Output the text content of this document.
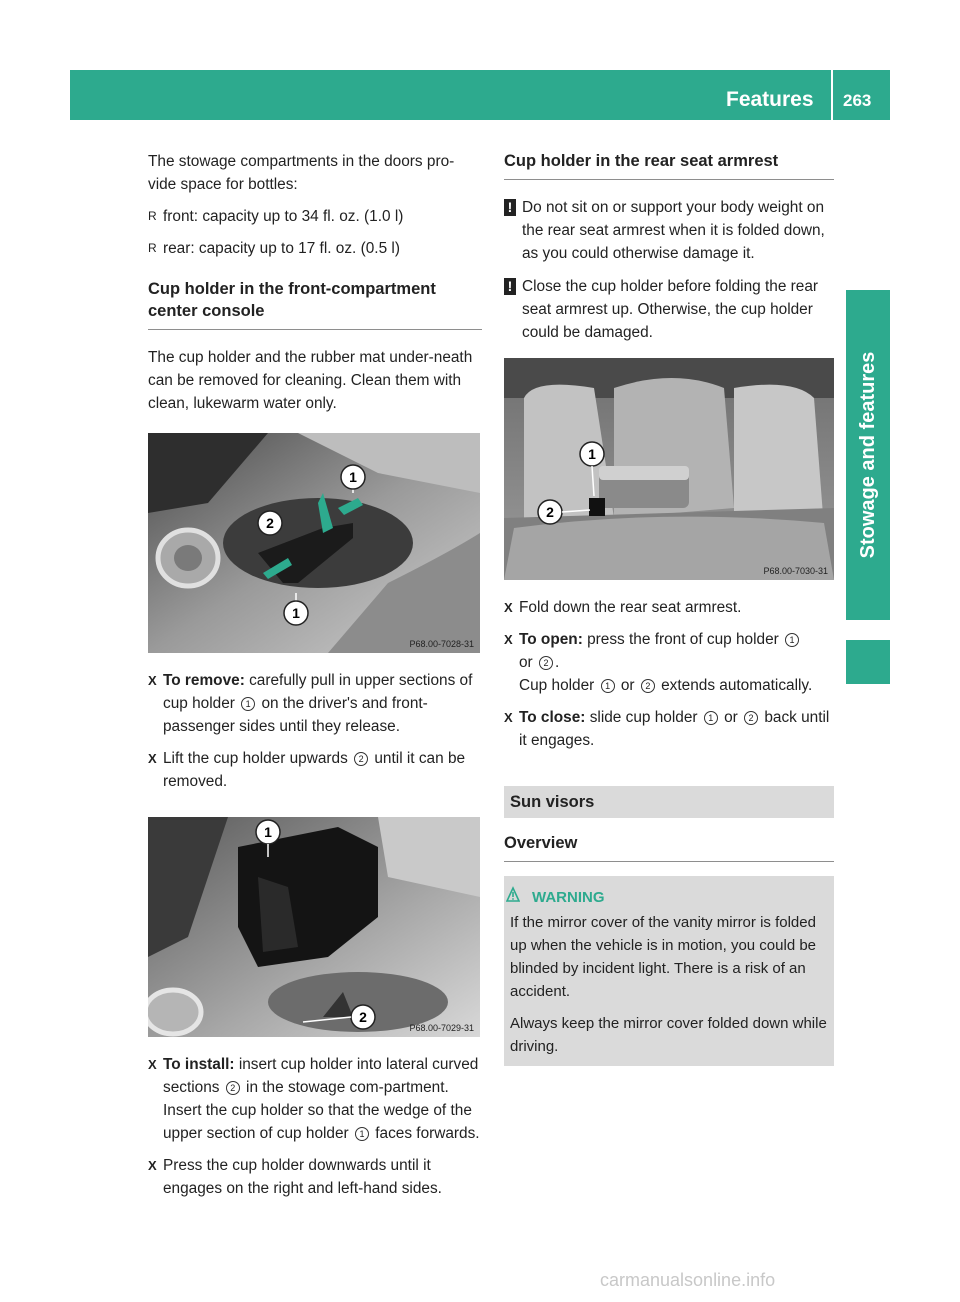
Features 263
Stowage and features

The stowage compartments in the doors pro-vide space for bottles:

R front: capacity up to 34 fl. oz. (1.0 l)
R rear: capacity up to 17 fl. oz. (0.5 l)
Cup holder in the front-compartment center console

The cup holder and the rubber mat under-neath can be removed for cleaning. Clean them with clean, lukewarm water only.

1
2
1
P68.00-7028-31
X To remove: carefully pull in upper sections of cup holder 1 on the driver's and front-passenger sides until they release.
X Lift the cup holder upwards 2 until it can be removed.
1
2
P68.00-7029-31
X To install: insert cup holder into lateral curved sections 2 in the stowage com-partment. Insert the cup holder so that the wedge of the upper section of cup holder 1 faces forwards.
X Press the cup holder downwards until it engages on the right and left-hand sides.
Cup holder in the rear seat armrest
! Do not sit on or support your body weight on the rear seat armrest when it is folded down, as you could otherwise damage it.
! Close the cup holder before folding the rear seat armrest up. Otherwise, the cup holder could be damaged.
1
2
P68.00-7030-31
X Fold down the rear seat armrest.
X To open: press the front of cup holder 1
or 2 .
Cup holder 1 or 2 extends automatically.
X To close: slide cup holder 1 or 2 back until it engages.
Sun visors
Overview
WARNING

If the mirror cover of the vanity mirror is folded up when the vehicle is in motion, you could be blinded by incident light. There is a risk of an accident.

Always keep the mirror cover folded down while driving.

carmanualsonline.info
